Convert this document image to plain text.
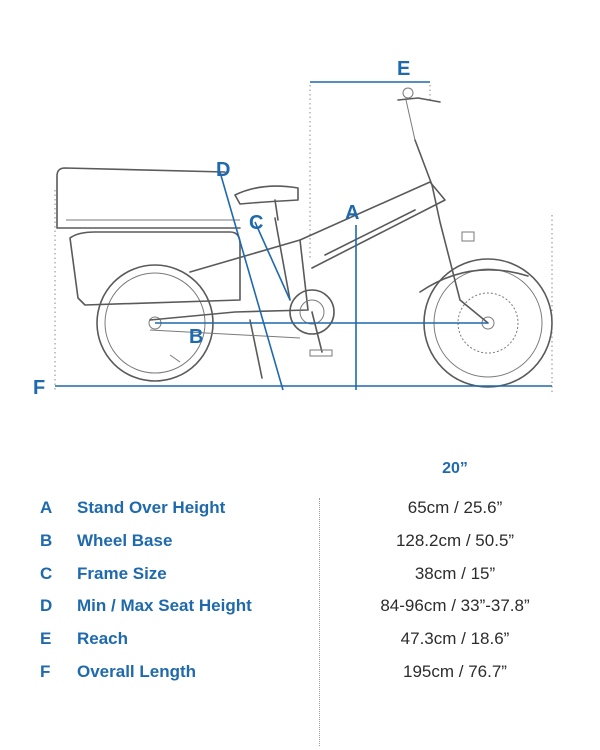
E
D
C	A
B
F
20”
A	Stand Over Height	65cm / 25.6”
B	Wheel Base	128.2cm / 50.5”
C	Frame Size	38cm / 15”
D	Min / Max Seat Height	84-96cm / 33”-37.8”
E	Reach	47.3cm / 18.6”
F	Overall Length	195cm / 76.7”
